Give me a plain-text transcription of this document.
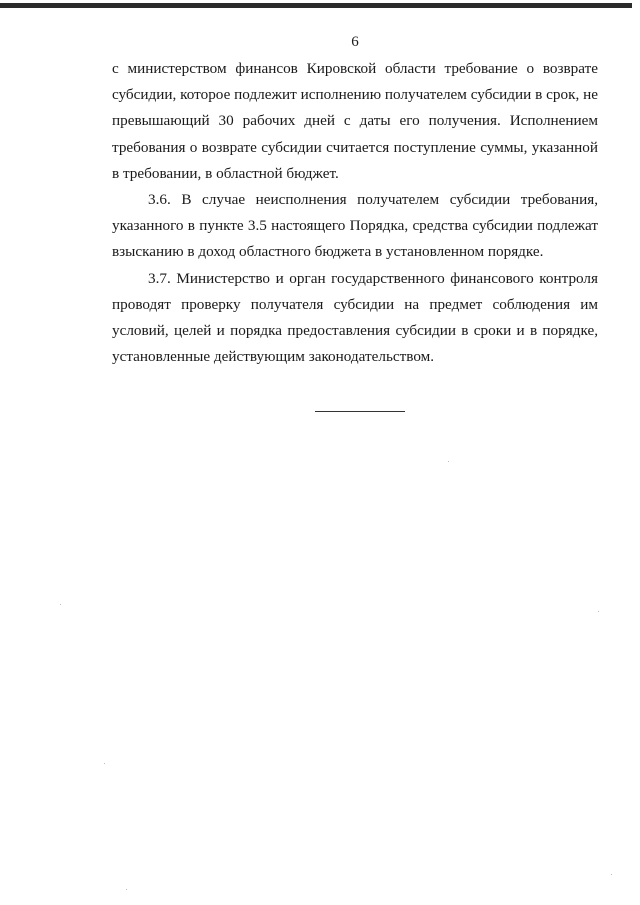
6

с министерством финансов Кировской области требование о возврате субсидии, которое подлежит исполнению получателем субсидии в срок, не превышающий 30 рабочих дней с даты его получения. Исполнением требования о возврате субсидии считается поступление суммы, указанной в требовании, в областной бюджет.

3.6. В случае неисполнения получателем субсидии требования, указанного в пункте 3.5 настоящего Порядка, средства субсидии подлежат взысканию в доход областного бюджета в установленном порядке.

3.7. Министерство и орган государственного финансового контроля проводят проверку получателя субсидии на предмет соблюдения им условий, целей и порядка предоставления субсидии в сроки и в порядке, установленные действующим законодательством.
